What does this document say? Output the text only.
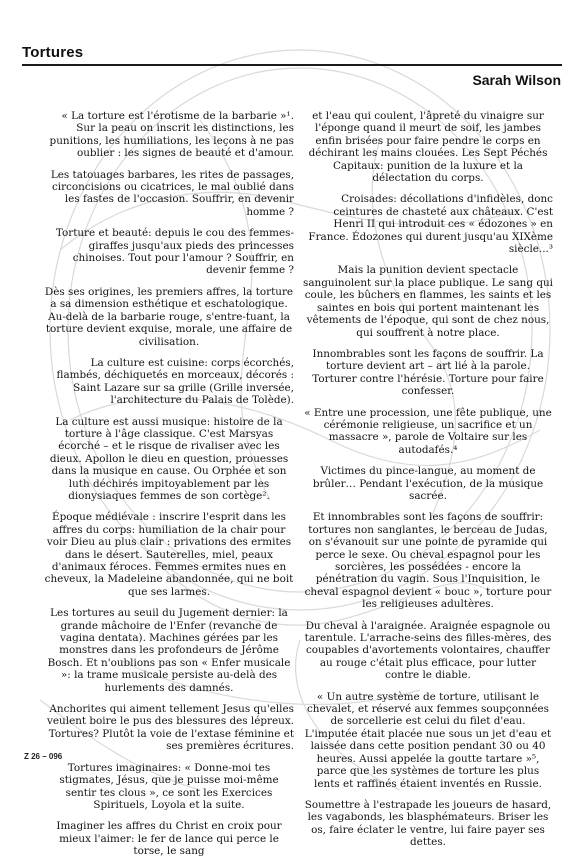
Tortures
Sarah Wilson

« La torture est l'érotisme de la barbarie »¹. Sur la peau on inscrit les distinctions, les punitions, les humiliations, les leçons à ne pas oublier : les signes de beauté et d'amour.

Les tatouages barbares, les rites de passages, circoncisions ou cicatrices, le mal oublié dans les fastes de l'occasion. Souffrir, en devenir homme ?

Torture et beauté: depuis le cou des femmes-giraffes jusqu'aux pieds des princesses chinoises. Tout pour l'amour ? Souffrir, en devenir femme ?

Dès ses origines, les premiers affres, la torture a sa dimension esthétique et eschatologique. Au-delà de la barbarie rouge, s'entre-tuant, la torture devient exquise, morale, une affaire de civilisation.

La culture est cuisine: corps écorchés, flambés, déchiquetés en morceaux, décorés : Saint Lazare sur sa grille (Grille inversée, l'architecture du Palais de Tolède).

La culture est aussi musique: histoire de la torture à l'âge classique. C'est Marsyas écorché – et le risque de rivaliser avec les dieux. Apollon le dieu en question, prouesses dans la musique en cause. Ou Orphée et son luth déchirés impitoyablement par les dionysiaques femmes de son cortège².

Époque médiévale : inscrire l'esprit dans les affres du corps: humiliation de la chair pour voir Dieu au plus clair : privations des ermites dans le désert. Sauterelles, miel, peaux d'animaux féroces. Femmes ermites nues en cheveux, la Madeleine abandonnée, qui ne boit que ses larmes.

Les tortures au seuil du Jugement dernier: la grande mâchoire de l'Enfer (revanche de vagina dentata). Machines gérées par les monstres dans les profondeurs de Jérôme Bosch. Et n'oublions pas son « Enfer musicale »: la trame musicale persiste au-delà des hurlements des damnés.

Anchorites qui aiment tellement Jesus qu'elles veulent boire le pus des blessures des lépreux. Tortures? Plutôt la voie de l'extase féminine et ses premières écritures.

Tortures imaginaires: « Donne-moi tes stigmates, Jésus, que je puisse moi-même sentir tes clous », ce sont les Exercices Spirituels, Loyola et la suite.

Imaginer les affres du Christ en croix pour mieux l'aimer: le fer de lance qui perce le torse, le sang

et l'eau qui coulent, l'âpreté du vinaigre sur l'éponge quand il meurt de soif, les jambes enfin brisées pour faire pendre le corps en déchirant les mains clouées. Les Sept Péchés Capitaux: punition de la luxure et la délectation du corps.

Croisades: décollations d'infidèles, donc ceintures de chasteté aux châteaux. C'est Henri II qui introduit ces « édozones » en France. Édozones qui durent jusqu'au XIXème siècle...³

Mais la punition devient spectacle sanguinolent sur la place publique. Le sang qui coule, les bûchers en flammes, les saints et les saintes en bois qui portent maintenant les vêtements de l'époque, qui sont de chez nous, qui souffrent à notre place.

Innombrables sont les façons de souffrir. La torture devient art – art lié à la parole. Torturer contre l'hérésie. Torture pour faire confesser.

« Entre une procession, une fête publique, une cérémonie religieuse, un sacrifice et un massacre », parole de Voltaire sur les autodafés.⁴

Victimes du pince-langue, au moment de brûler… Pendant l'exécution, de la musique sacrée.

Et innombrables sont les façons de souffrir: tortures non sanglantes, le berceau de Judas, on s'évanouit sur une pointe de pyramide qui perce le sexe. Ou cheval espagnol pour les sorcières, les possédées - encore la pénétration du vagin. Sous l'Inquisition, le cheval espagnol devient « bouc », torture pour les religieuses adultères.

Du cheval à l'araignée. Araignée espagnole ou tarentule. L'arrache-seins des filles-mères, des coupables d'avortements volontaires, chauffer au rouge c'était plus efficace, pour lutter contre le diable.

« Un autre système de torture, utilisant le chevalet, et réservé aux femmes soupçonnées de sorcellerie est celui du filet d'eau. L'imputée était placée nue sous un jet d'eau et laissée dans cette position pendant 30 ou 40 heures. Aussi appelée la goutte tartare »⁵, parce que les systèmes de torture les plus lents et raffinés étaient inventés en Russie.

Soumettre à l'estrapade les joueurs de hasard, les vagabonds, les blasphémateurs. Briser les os, faire éclater le ventre, lui faire payer ses dettes.

Z 26 – 096
